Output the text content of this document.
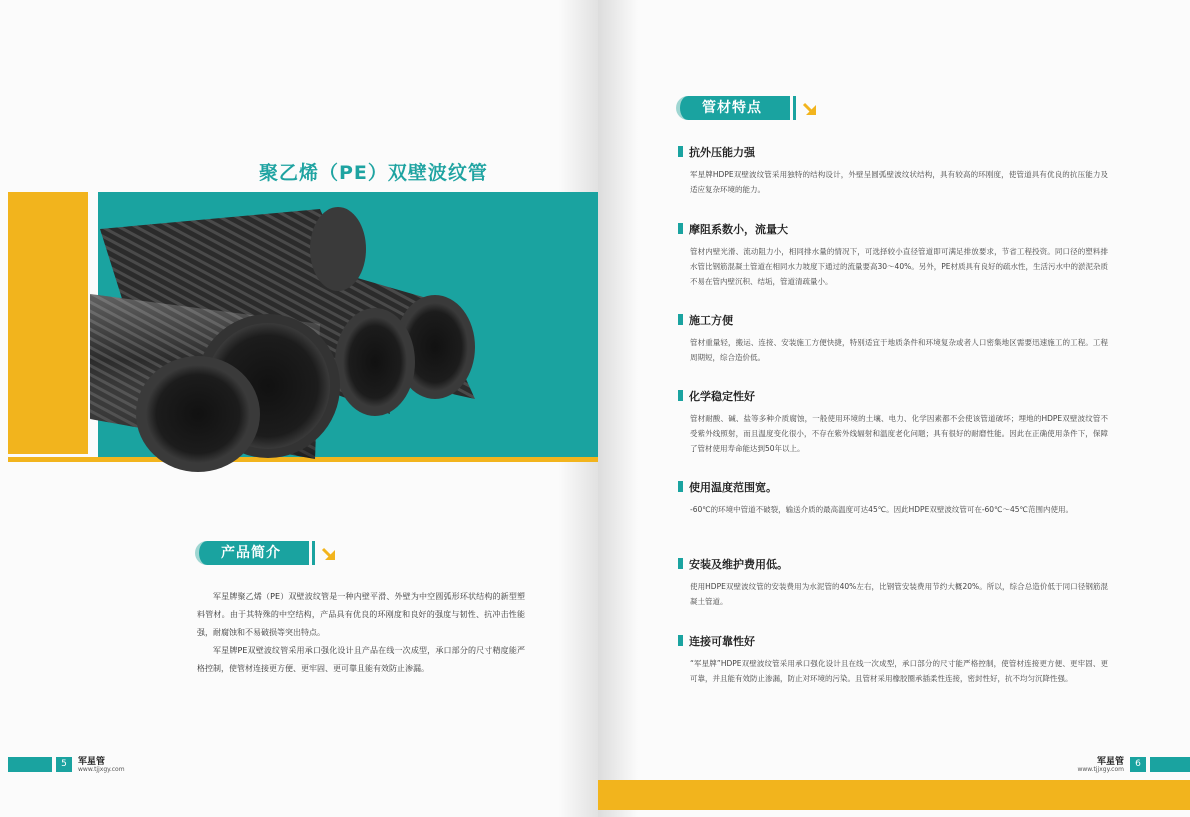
聚乙烯（PE）双壁波纹管
产品简介

军星牌聚乙烯（PE）双壁波纹管是一种内壁平滑、外壁为中空圆弧形环状结构的新型塑料管材。由于其特殊的中空结构，产品具有优良的环刚度和良好的强度与韧性、抗冲击性能强，耐腐蚀和不易破损等突出特点。

军星牌PE双壁波纹管采用承口强化设计且产品在线一次成型，承口部分的尺寸精度能严格控制，使管材连接更方便、更牢固、更可靠且能有效防止渗漏。

5	军星管
www.tjjxgy.com
管材特点
抗外压能力强
军星牌HDPE双壁波纹管采用独特的结构设计，外壁呈圆弧壁波纹状结构，具有较高的环刚度，使管道具有优良的抗压能力及适应复杂环境的能力。
摩阻系数小，流量大
管材内壁光滑、流动阻力小，相同排水量的情况下，可选择较小直径管道即可满足排放要求，节省工程投资。同口径的塑料排水管比钢筋混凝土管道在相同水力坡度下通过的流量要高30～40%。另外，PE材质具有良好的疏水性，生活污水中的淤泥杂质不易在管内壁沉积、结垢，管道清疏量小。
施工方便
管材重量轻，搬运、连接、安装施工方便快捷，特别适宜于地质条件和环境复杂或者人口密集地区需要迅速施工的工程。工程周期短，综合造价低。
化学稳定性好
管材耐酸、碱、盐等多种介质腐蚀，一般使用环境的土壤、电力、化学因素都不会使该管道破坏；埋地的HDPE双壁波纹管不受紫外线照射，而且温度变化很小，不存在紫外线辐射和温度老化问题；具有很好的耐磨性能。因此在正确使用条件下，保障了管材使用寿命能达到50年以上。
使用温度范围宽。
-60℃的环境中管道不破裂，输送介质的最高温度可达45℃。因此HDPE双壁波纹管可在-60℃～45℃范围内使用。
安装及维护费用低。
使用HDPE双壁波纹管的安装费用为水泥管的40%左右，比钢管安装费用节约大概20%。所以，综合总造价低于同口径钢筋混凝土管道。
连接可靠性好
“军星牌”HDPE双壁波纹管采用承口强化设计且在线一次成型，承口部分的尺寸能严格控制，使管材连接更方便、更牢固、更可靠，并且能有效防止渗漏，防止对环境的污染。且管材采用橡胶圈承插柔性连接，密封性好，抗不均匀沉降性强。
6
军星管
www.tjjxgy.com
